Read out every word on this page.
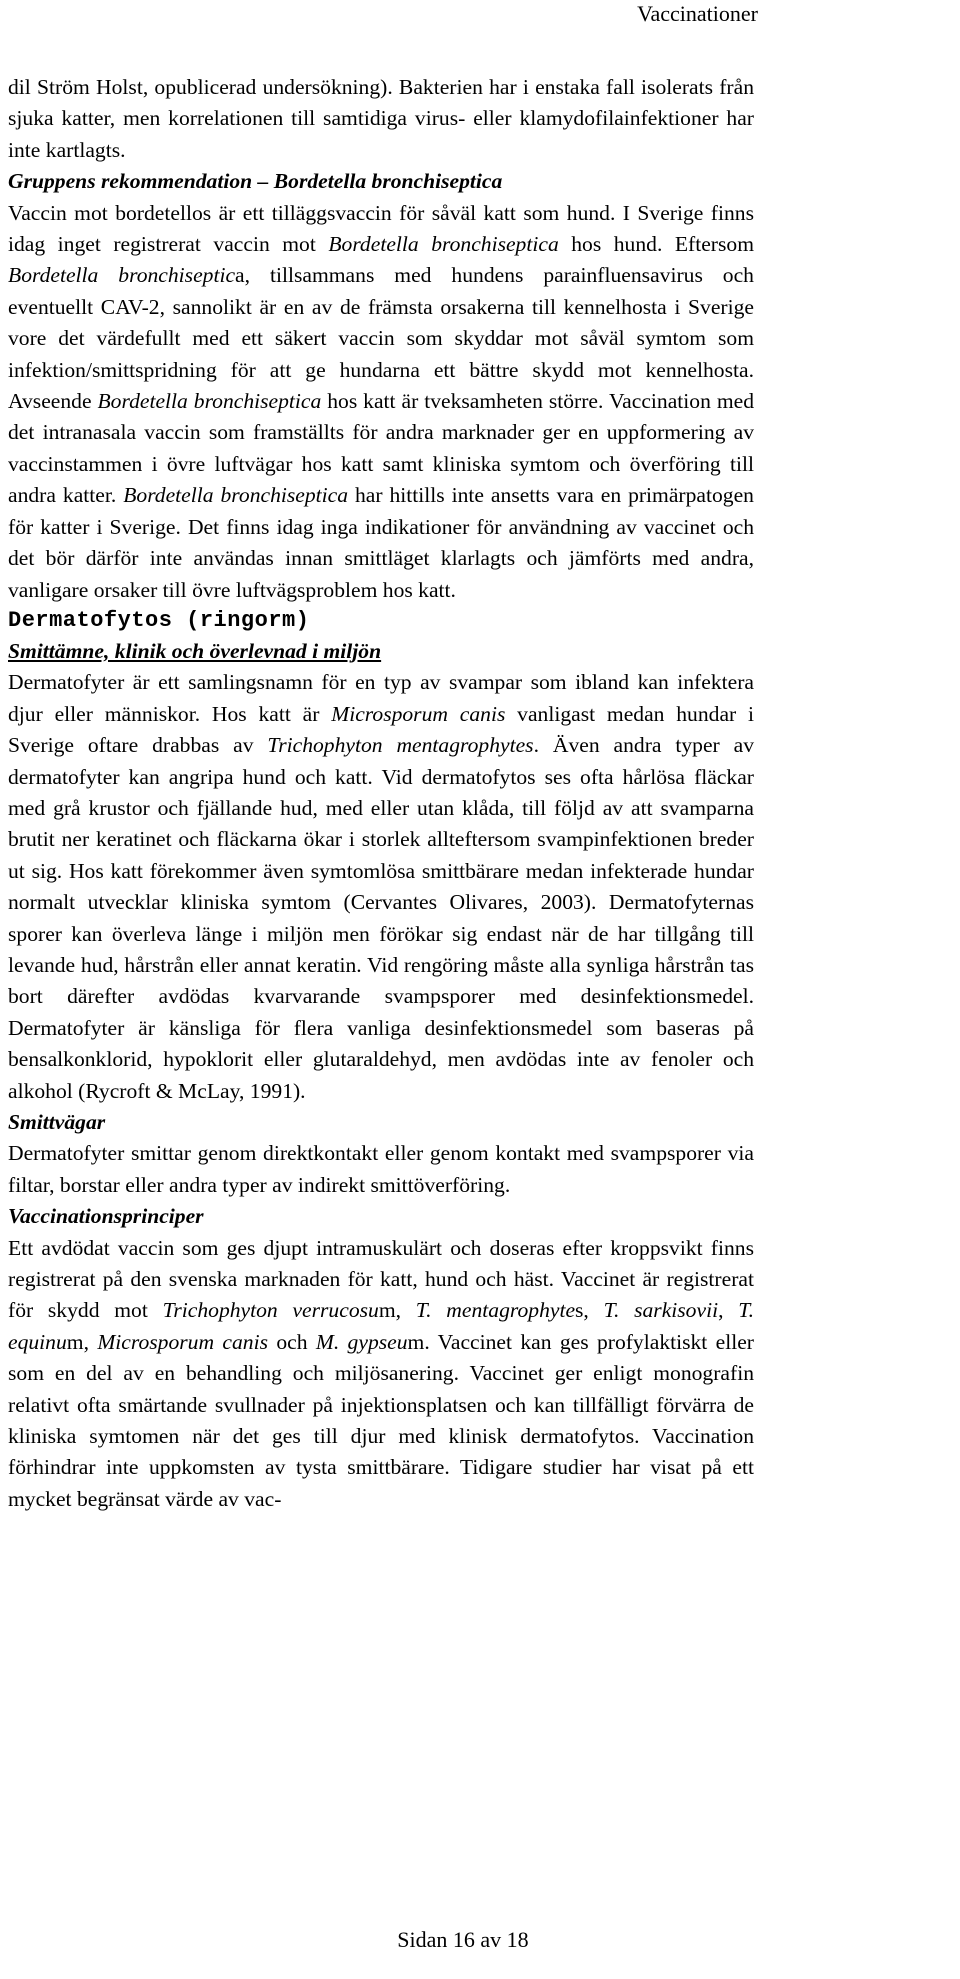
Vaccinationer

dil Ström Holst, opublicerad undersökning). Bakterien har i enstaka fall isolerats från sjuka katter, men korrelationen till samtidiga virus- eller klamydofilainfektioner har inte kartlagts.

Gruppens rekommendation – Bordetella bronchiseptica

Vaccin mot bordetellos är ett tilläggsvaccin för såväl katt som hund. I Sverige finns idag inget registrerat vaccin mot Bordetella bronchiseptica hos hund. Eftersom Bordetella bronchiseptica, tillsammans med hundens parainfluensavirus och eventuellt CAV-2, sannolikt är en av de främsta orsakerna till kennelhosta i Sverige vore det värdefullt med ett säkert vaccin som skyddar mot såväl symtom som infektion/smittspridning för att ge hundarna ett bättre skydd mot kennelhosta. Avseende Bordetella bronchiseptica hos katt är tveksamheten större. Vaccination med det intranasala vaccin som framställts för andra marknader ger en uppformering av vaccinstammen i övre luftvägar hos katt samt kliniska symtom och överföring till andra katter. Bordetella bronchiseptica har hittills inte ansetts vara en primärpatogen för katter i Sverige. Det finns idag inga indikationer för användning av vaccinet och det bör därför inte användas innan smittläget klarlagts och jämförts med andra, vanligare orsaker till övre luftvägsproblem hos katt.

Dermatofytos (ringorm)

Smittämne, klinik och överlevnad i miljön

Dermatofyter är ett samlingsnamn för en typ av svampar som ibland kan infektera djur eller människor. Hos katt är Microsporum canis vanligast medan hundar i Sverige oftare drabbas av Trichophyton mentagrophytes. Även andra typer av dermatofyter kan angripa hund och katt. Vid dermatofytos ses ofta hårlösa fläckar med grå krustor och fjällande hud, med eller utan klåda, till följd av att svamparna brutit ner keratinet och fläckarna ökar i storlek allteftersom svampinfektionen breder ut sig. Hos katt förekommer även symtomlösa smittbärare medan infekterade hundar normalt utvecklar kliniska symtom (Cervantes Olivares, 2003). Dermatofyternas sporer kan överleva länge i miljön men förökar sig endast när de har tillgång till levande hud, hårstrån eller annat keratin. Vid rengöring måste alla synliga hårstrån tas bort därefter avdödas kvarvarande svampsporer med desinfektionsmedel. Dermatofyter är känsliga för flera vanliga desinfektionsmedel som baseras på bensalkonklorid, hypoklorit eller glutaraldehyd, men avdödas inte av fenoler och alkohol (Rycroft & McLay, 1991).

Smittvägar

Dermatofyter smittar genom direktkontakt eller genom kontakt med svampsporer via filtar, borstar eller andra typer av indirekt smittöverföring.

Vaccinationsprinciper

Ett avdödat vaccin som ges djupt intramuskulärt och doseras efter kroppsvikt finns registrerat på den svenska marknaden för katt, hund och häst. Vaccinet är registrerat för skydd mot Trichophyton verrucosum, T. mentagrophytes, T. sarkisovii, T. equinum, Microsporum canis och M. gypseum. Vaccinet kan ges profylaktiskt eller som en del av en behandling och miljösanering. Vaccinet ger enligt monografin relativt ofta smärtande svullnader på injektionsplatsen och kan tillfälligt förvärra de kliniska symtomen när det ges till djur med klinisk dermatofytos. Vaccination förhindrar inte uppkomsten av tysta smittbärare. Tidigare studier har visat på ett mycket begränsat värde av vac-

Sidan 16 av 18
